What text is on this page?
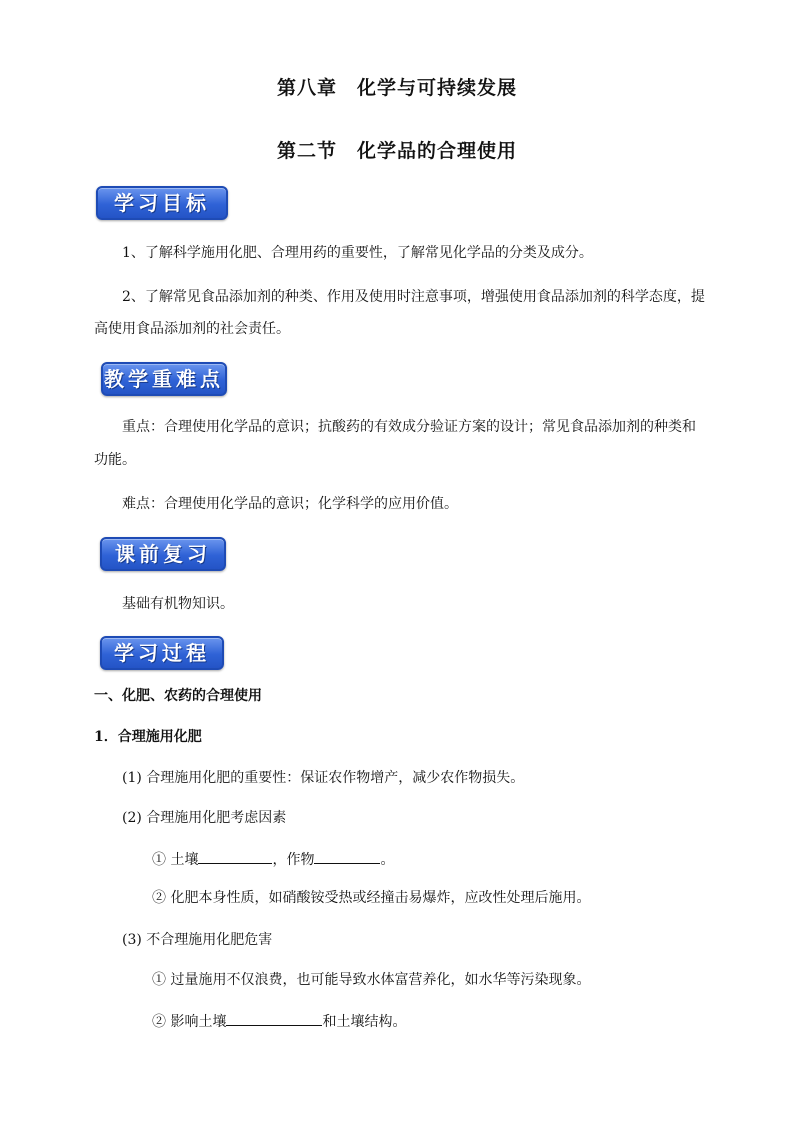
第八章　化学与可持续发展
第二节　化学品的合理使用
学习目标
1、了解科学施用化肥、合理用药的重要性，了解常见化学品的分类及成分。
2、了解常见食品添加剂的种类、作用及使用时注意事项，增强使用食品添加剂的科学态度，提
高使用食品添加剂的社会责任。
教学重难点
重点：合理使用化学品的意识；抗酸药的有效成分验证方案的设计；常见食品添加剂的种类和
功能。
难点：合理使用化学品的意识；化学科学的应用价值。
课前复习
基础有机物知识。
学习过程
一、化肥、农药的合理使用
1．合理施用化肥
(1) 合理施用化肥的重要性：保证农作物增产，减少农作物损失。
(2) 合理施用化肥考虑因素
① 土壤	，作物	。
② 化肥本身性质，如硝酸铵受热或经撞击易爆炸，应改性处理后施用。
(3) 不合理施用化肥危害
① 过量施用不仅浪费，也可能导致水体富营养化，如水华等污染现象。
② 影响土壤	和土壤结构。
